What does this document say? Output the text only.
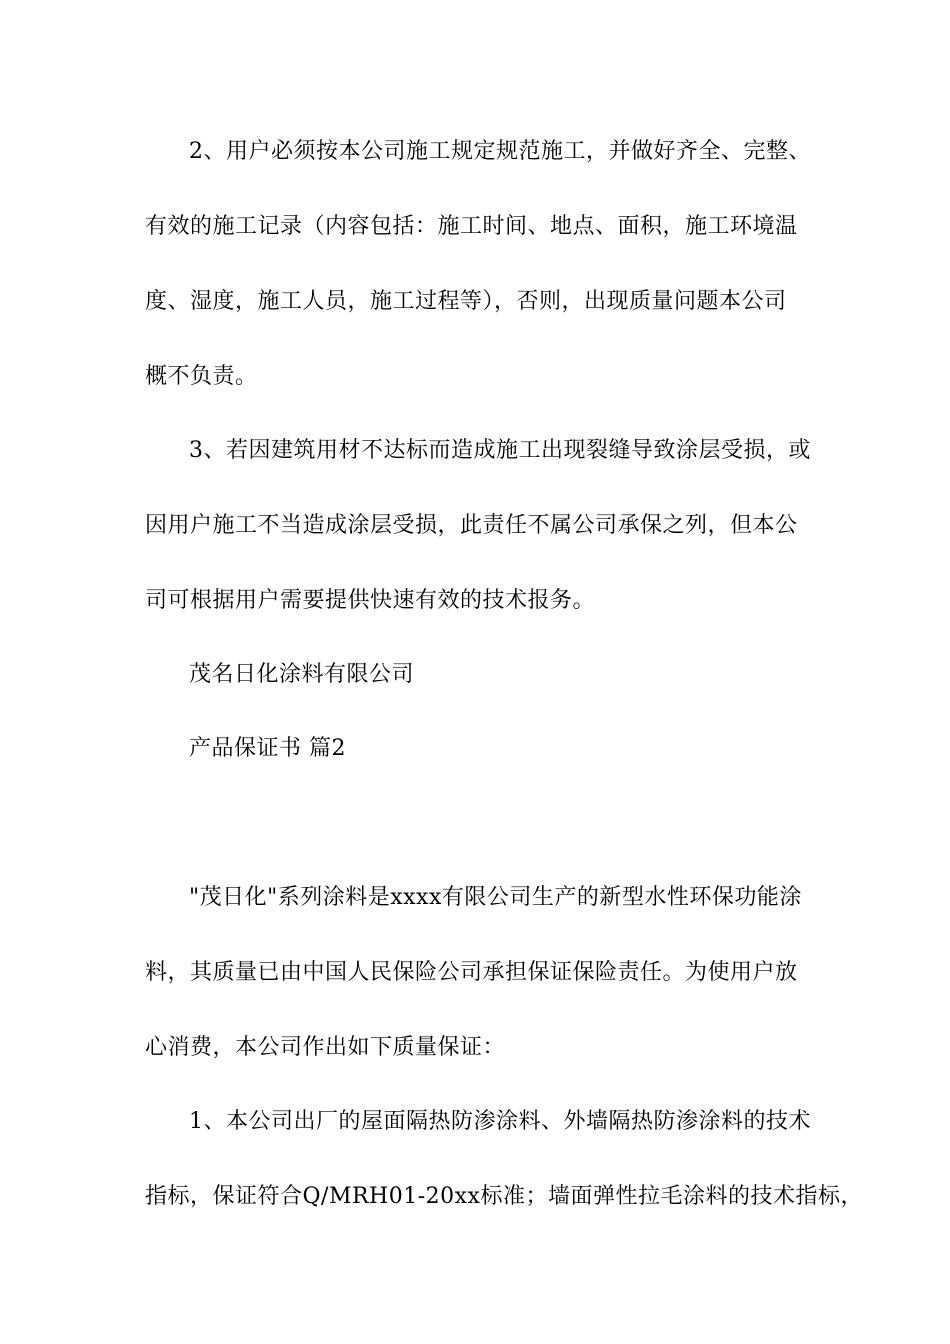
2、用户必须按本公司施工规定规范施工，并做好齐全、完整、
有效的施工记录（内容包括：施工时间、地点、面积，施工环境温
度、湿度，施工人员，施工过程等），否则，出现质量问题本公司
概不负责。
3、若因建筑用材不达标而造成施工出现裂缝导致涂层受损，或
因用户施工不当造成涂层受损，此责任不属公司承保之列，但本公
司可根据用户需要提供快速有效的技术报务。
茂名日化涂料有限公司
产品保证书 篇2
"茂日化"系列涂料是xxxx有限公司生产的新型水性环保功能涂
料，其质量已由中国人民保险公司承担保证保险责任。为使用户放
心消费，本公司作出如下质量保证：
1、本公司出厂的屋面隔热防渗涂料、外墙隔热防渗涂料的技术
指标，保证符合Q/MRH01-20xx标准；墙面弹性拉毛涂料的技术指标，
